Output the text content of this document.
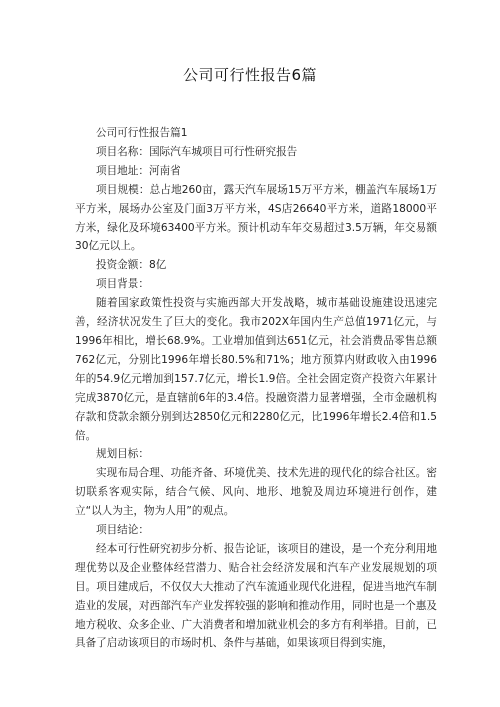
公司可行性报告6篇

公司可行性报告篇1

项目名称：国际汽车城项目可行性研究报告

项目地址：河南省

项目规模：总占地260亩，露天汽车展场15万平方米，棚盖汽车展场1万平方米，展场办公室及门面3万平方米，4S店26640平方米，道路18000平方米，绿化及环境63400平方米。预计机动车年交易超过3.5万辆，年交易额30亿元以上。

投资金额：8亿

项目背景：

随着国家政策性投资与实施西部大开发战略，城市基础设施建设迅速完善，经济状况发生了巨大的变化。我市202X年国内生产总值1971亿元，与1996年相比，增长68.9%。工业增加值到达651亿元，社会消费品零售总额762亿元，分别比1996年增长80.5%和71%；地方预算内财政收入由1996年的54.9亿元增加到157.7亿元，增长1.9倍。全社会固定资产投资六年累计完成3870亿元，是直辖前6年的3.4倍。投融资潜力显著增强，全市金融机构存款和贷款余额分别到达2850亿元和2280亿元，比1996年增长2.4倍和1.5倍。

规划目标：

实现布局合理、功能齐备、环境优美、技术先进的现代化的综合社区。密切联系客观实际，结合气候、风向、地形、地貌及周边环境进行创作，建立“以人为主，物为人用”的观点。

项目结论：

经本可行性研究初步分析、报告论证，该项目的建设，是一个充分利用地理优势以及企业整体经营潜力、贴合社会经济发展和汽车产业发展规划的项目。项目建成后，不仅仅大大推动了汽车流通业现代化进程，促进当地汽车制造业的发展，对西部汽车产业发挥较强的影响和推动作用，同时也是一个惠及地方税收、众多企业、广大消费者和增加就业机会的多方有利举措。目前，已具备了启动该项目的市场时机、条件与基础，如果该项目得到实施，
